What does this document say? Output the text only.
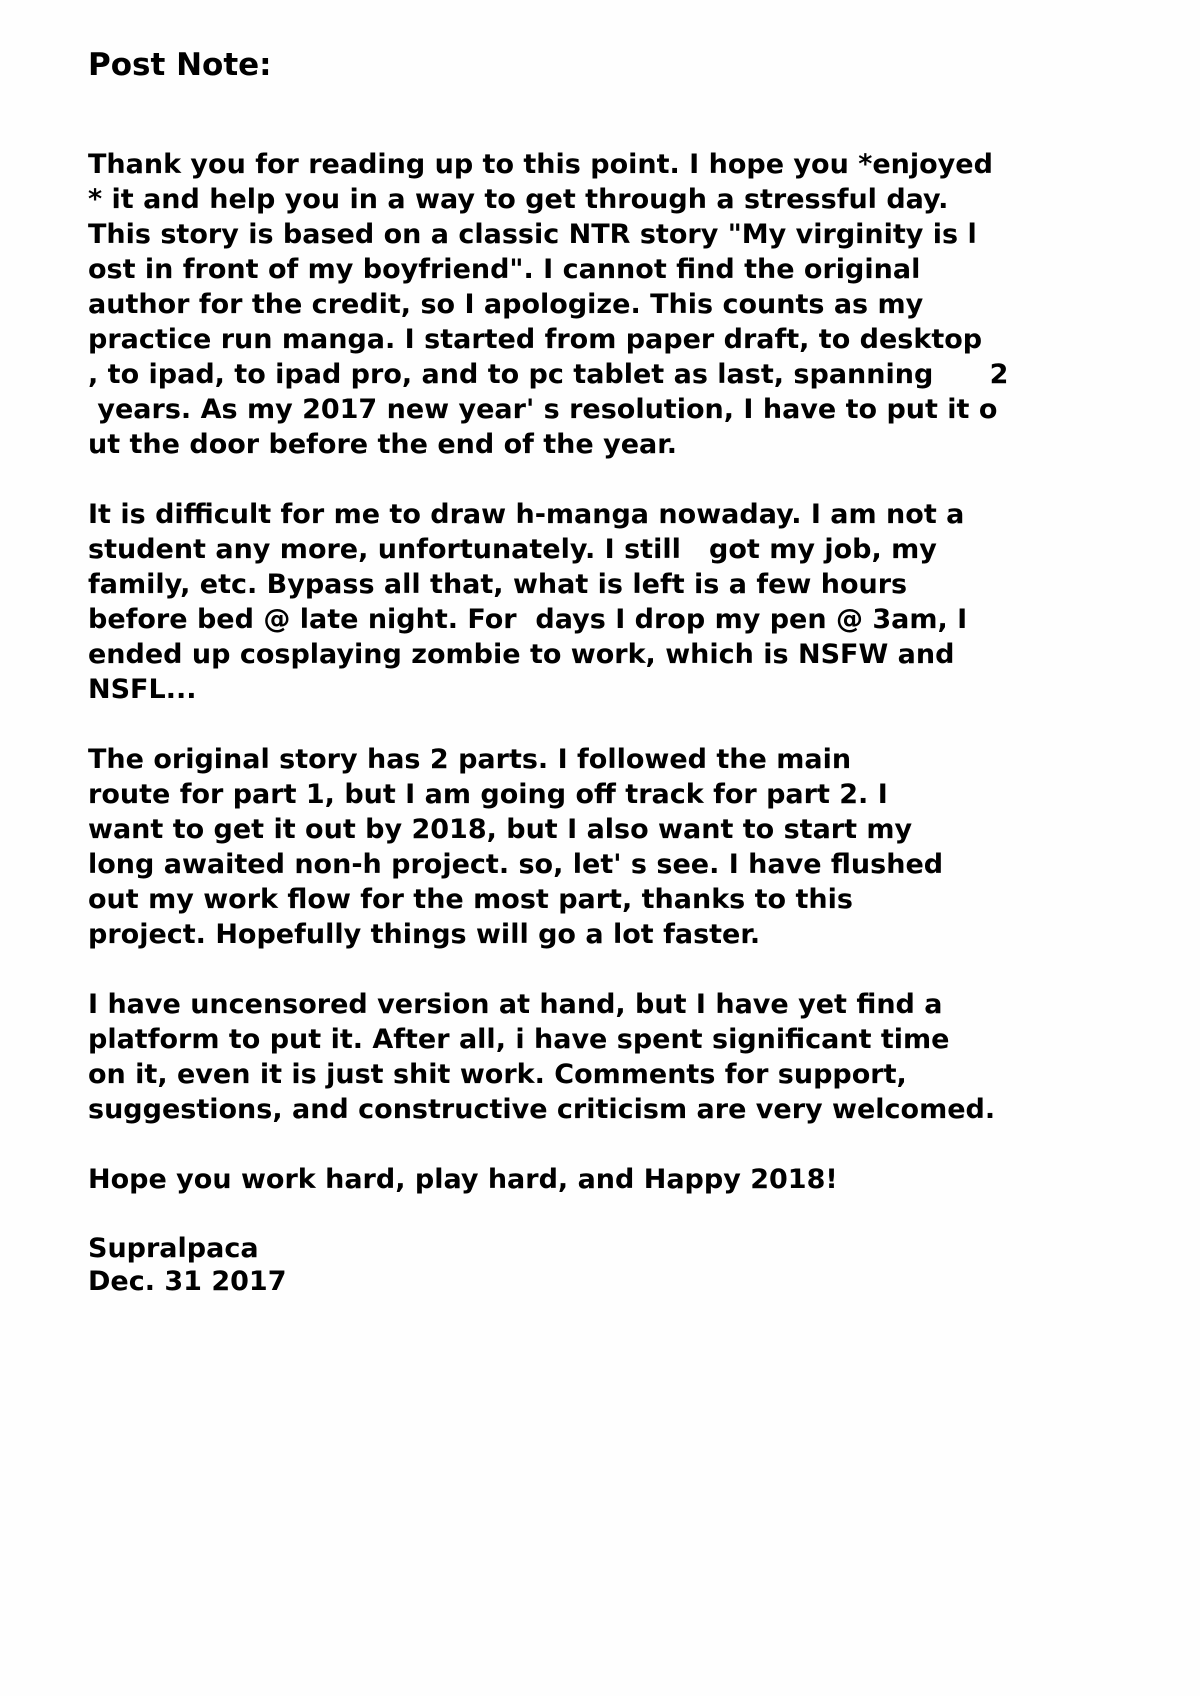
Post Note:
Thank you for reading up to this point. I hope you *enjoyed
* it and help you in a way to get through a stressful day.
This story is based on a classic NTR story "My virginity is l
ost in front of my boyfriend". I cannot find the original
author for the credit, so I apologize. This counts as my
practice run manga. I started from paper draft, to desktop
, to ipad, to ipad pro, and to pc tablet as last, spanning      2
years. As my 2017 new year' s resolution, I have to put it o
ut the door before the end of the year.
It is difficult for me to draw h-manga nowaday. I am not a
student any more, unfortunately. I still   got my job, my
family, etc. Bypass all that, what is left is a few hours
before bed @ late night. For  days I drop my pen @ 3am, I
ended up cosplaying zombie to work, which is NSFW and
NSFL...
The original story has 2 parts. I followed the main
route for part 1, but I am going off track for part 2. I
want to get it out by 2018, but I also want to start my
long awaited non-h project. so, let' s see. I have flushed
out my work flow for the most part, thanks to this
project. Hopefully things will go a lot faster.
I have uncensored version at hand, but I have yet find a
platform to put it. After all, i have spent significant time
on it, even it is just shit work. Comments for support,
suggestions, and constructive criticism are very welcomed.
Hope you work hard, play hard, and Happy 2018!
Supralpaca
Dec. 31 2017
